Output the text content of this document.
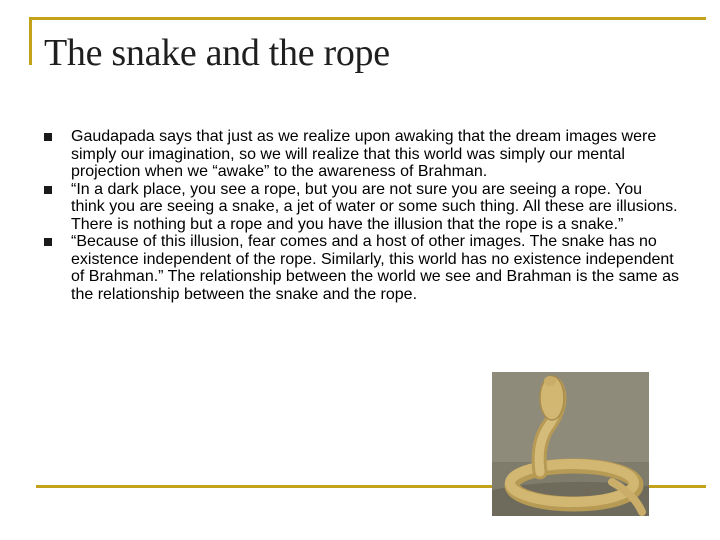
The snake and the rope
Gaudapada says that just as we realize upon awaking that the dream images were simply our imagination, so we will realize that this world was simply our mental projection when we “awake” to the awareness of Brahman.
“In a dark place, you see a rope, but you are not sure you are seeing a rope. You think you are seeing a snake, a jet of water or some such thing. All these are illusions. There is nothing but a rope and you have the illusion that the rope is a snake.”
“Because of this illusion, fear comes and a host of other images. The snake has no existence independent of the rope. Similarly, this world has no existence independent of Brahman.” The relationship between the world we see and Brahman is the same as the relationship between the snake and the rope.
